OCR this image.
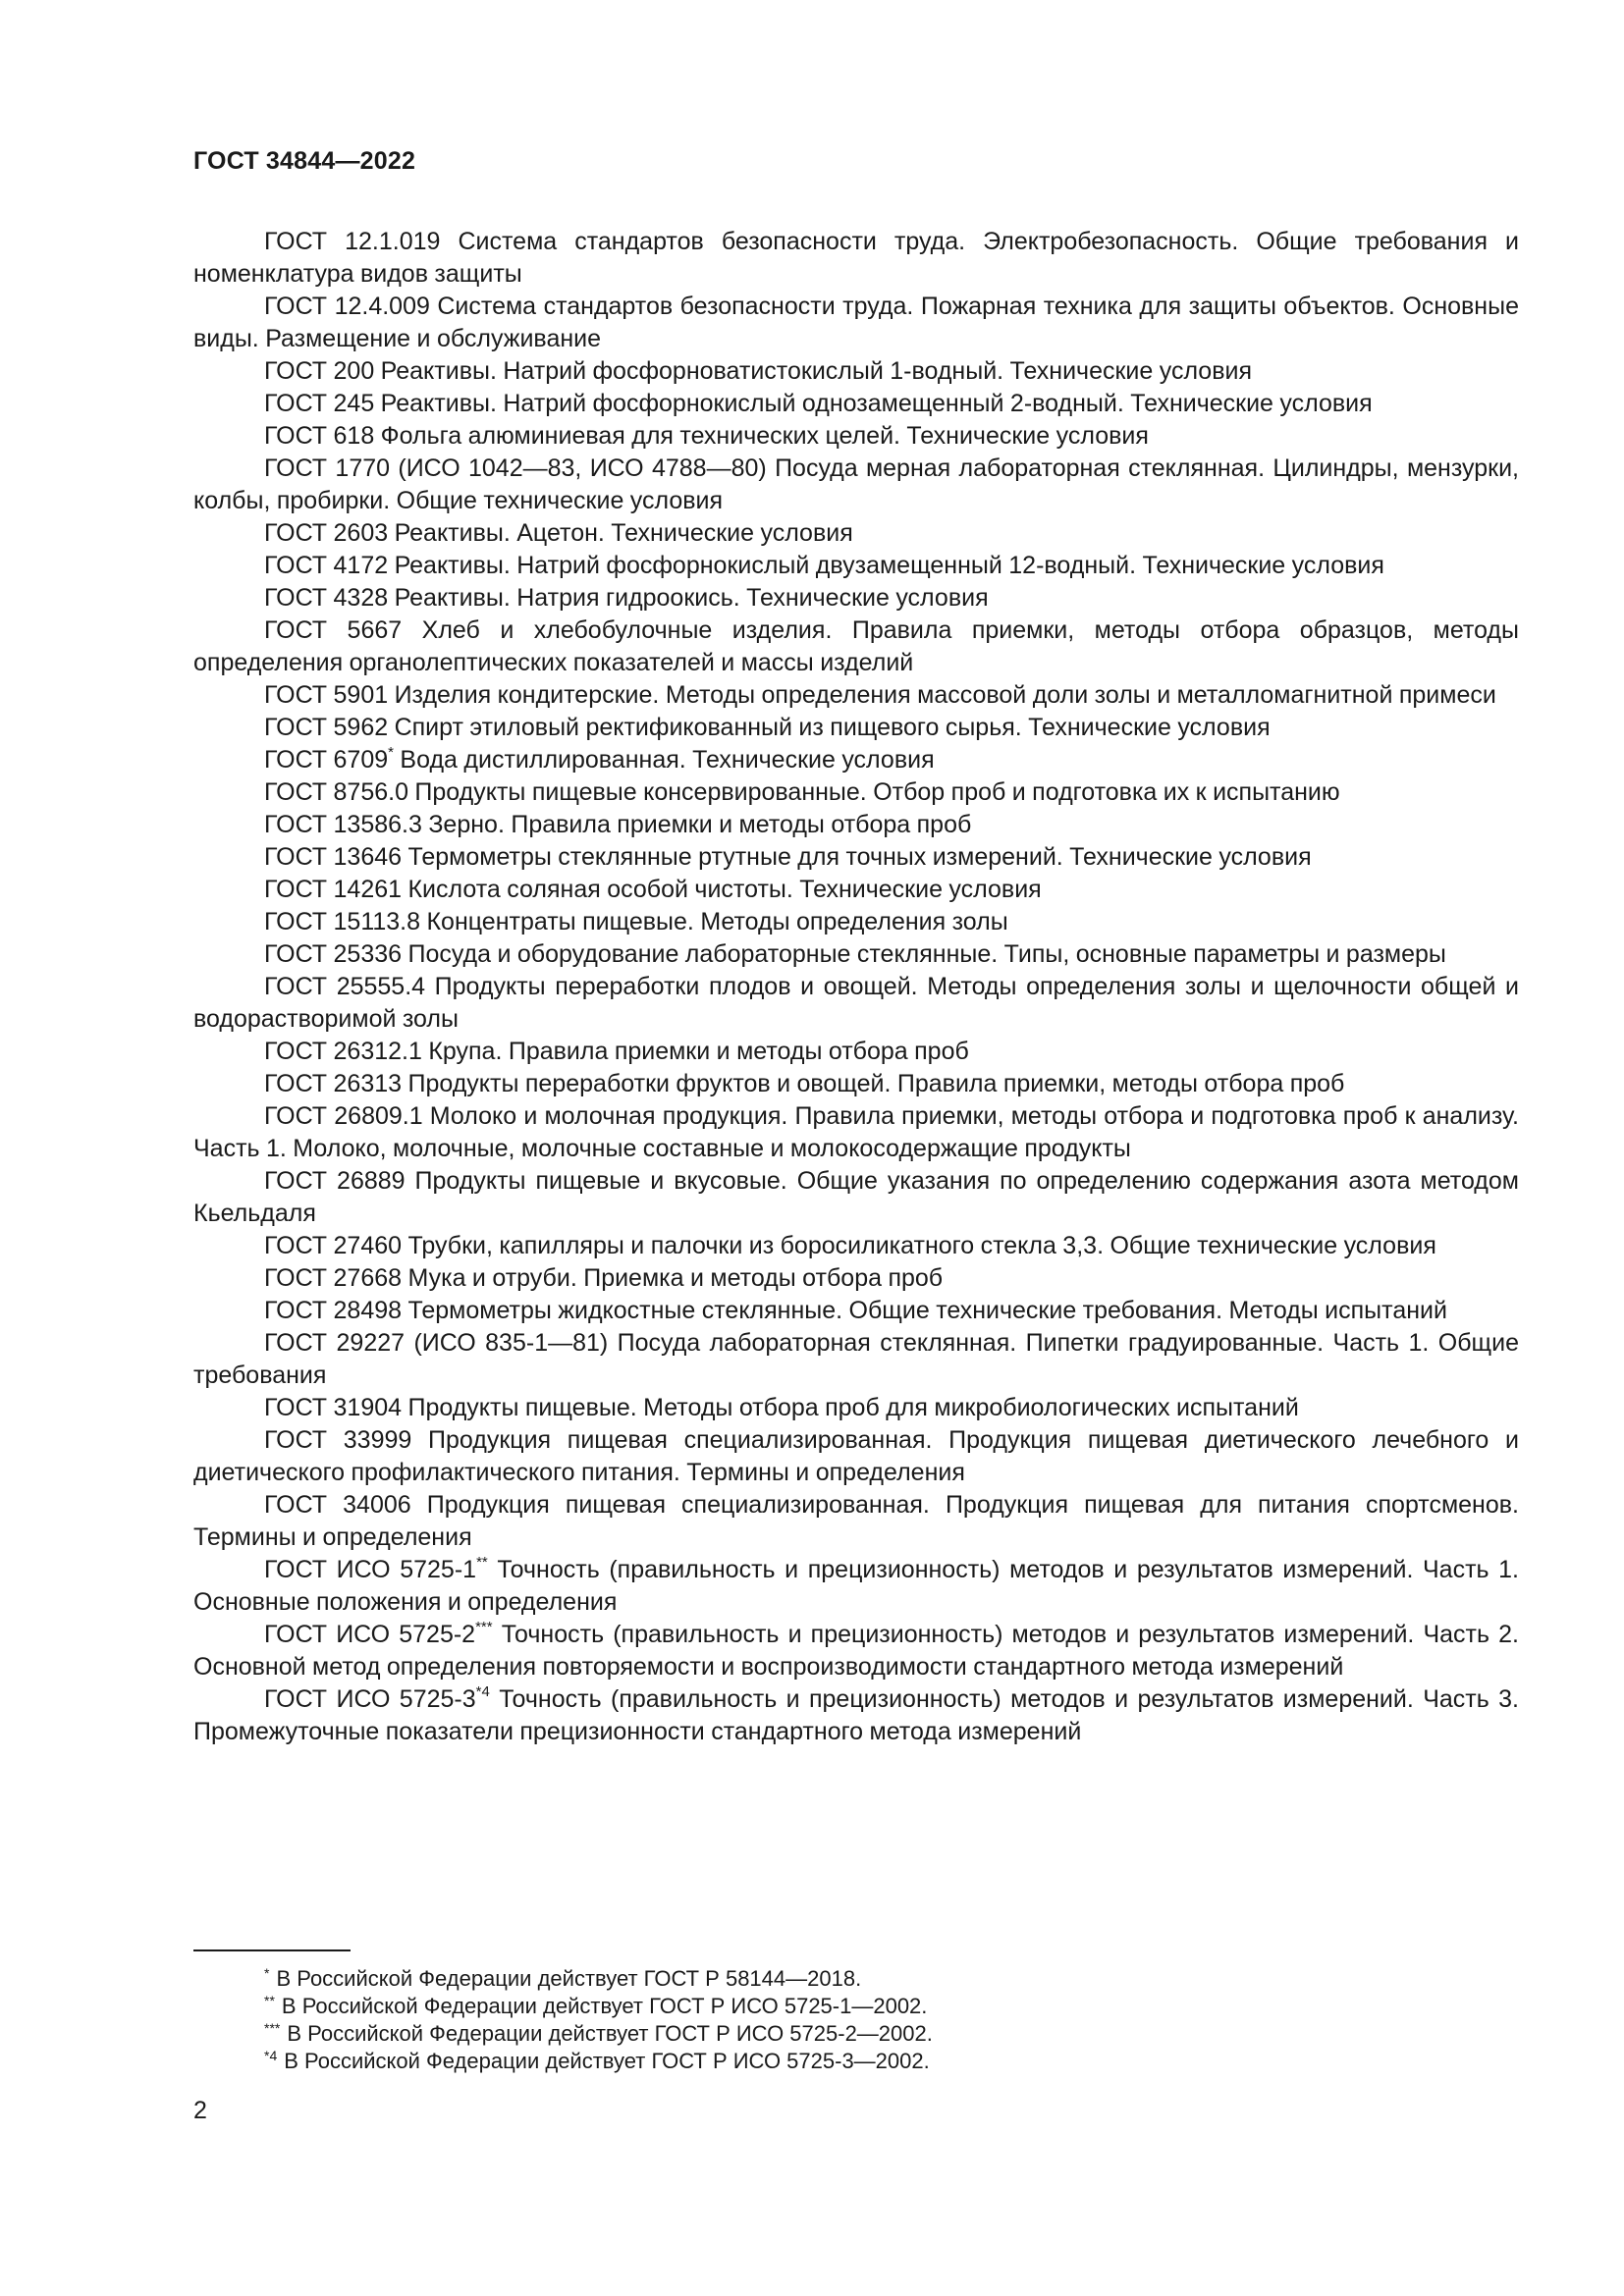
ГОСТ 34844—2022

ГОСТ 12.1.019 Система стандартов безопасности труда. Электробезопасность. Общие требования и номенклатура видов защиты

ГОСТ 12.4.009 Система стандартов безопасности труда. Пожарная техника для защиты объектов. Основные виды. Размещение и обслуживание

ГОСТ 200 Реактивы. Натрий фосфорноватистокислый 1-водный. Технические условия

ГОСТ 245 Реактивы. Натрий фосфорнокислый однозамещенный 2-водный. Технические условия

ГОСТ 618 Фольга алюминиевая для технических целей. Технические условия

ГОСТ 1770 (ИСО 1042—83, ИСО 4788—80) Посуда мерная лабораторная стеклянная. Цилиндры, мензурки, колбы, пробирки. Общие технические условия

ГОСТ 2603 Реактивы. Ацетон. Технические условия

ГОСТ 4172 Реактивы. Натрий фосфорнокислый двузамещенный 12-водный. Технические условия

ГОСТ 4328 Реактивы. Натрия гидроокись. Технические условия

ГОСТ 5667 Хлеб и хлебобулочные изделия. Правила приемки, методы отбора образцов, методы определения органолептических показателей и массы изделий

ГОСТ 5901 Изделия кондитерские. Методы определения массовой доли золы и металломагнитной примеси

ГОСТ 5962 Спирт этиловый ректификованный из пищевого сырья. Технические условия

ГОСТ 6709* Вода дистиллированная. Технические условия

ГОСТ 8756.0 Продукты пищевые консервированные. Отбор проб и подготовка их к испытанию

ГОСТ 13586.3 Зерно. Правила приемки и методы отбора проб

ГОСТ 13646 Термометры стеклянные ртутные для точных измерений. Технические условия

ГОСТ 14261 Кислота соляная особой чистоты. Технические условия

ГОСТ 15113.8 Концентраты пищевые. Методы определения золы

ГОСТ 25336 Посуда и оборудование лабораторные стеклянные. Типы, основные параметры и размеры

ГОСТ 25555.4 Продукты переработки плодов и овощей. Методы определения золы и щелочности общей и водорастворимой золы

ГОСТ 26312.1 Крупа. Правила приемки и методы отбора проб

ГОСТ 26313 Продукты переработки фруктов и овощей. Правила приемки, методы отбора проб

ГОСТ 26809.1 Молоко и молочная продукция. Правила приемки, методы отбора и подготовка проб к анализу. Часть 1. Молоко, молочные, молочные составные и молокосодержащие продукты

ГОСТ 26889 Продукты пищевые и вкусовые. Общие указания по определению содержания азота методом Кьельдаля

ГОСТ 27460 Трубки, капилляры и палочки из боросиликатного стекла 3,3. Общие технические условия

ГОСТ 27668 Мука и отруби. Приемка и методы отбора проб

ГОСТ 28498 Термометры жидкостные стеклянные. Общие технические требования. Методы испытаний

ГОСТ 29227 (ИСО 835-1—81) Посуда лабораторная стеклянная. Пипетки градуированные. Часть 1. Общие требования

ГОСТ 31904 Продукты пищевые. Методы отбора проб для микробиологических испытаний

ГОСТ 33999 Продукция пищевая специализированная. Продукция пищевая диетического лечебного и диетического профилактического питания. Термины и определения

ГОСТ 34006 Продукция пищевая специализированная. Продукция пищевая для питания спортсменов. Термины и определения

ГОСТ ИСО 5725-1** Точность (правильность и прецизионность) методов и результатов измерений. Часть 1. Основные положения и определения

ГОСТ ИСО 5725-2*** Точность (правильность и прецизионность) методов и результатов измерений. Часть 2. Основной метод определения повторяемости и воспроизводимости стандартного метода измерений

ГОСТ ИСО 5725-3$^{*4}$ Точность (правильность и прецизионность) методов и результатов измерений. Часть 3. Промежуточные показатели прецизионности стандартного метода измерений

* В Российской Федерации действует ГОСТ Р 58144—2018.

** В Российской Федерации действует ГОСТ Р ИСО 5725-1—2002.

*** В Российской Федерации действует ГОСТ Р ИСО 5725-2—2002.

$^{*4}$ В Российской Федерации действует ГОСТ Р ИСО 5725-3—2002.

2
